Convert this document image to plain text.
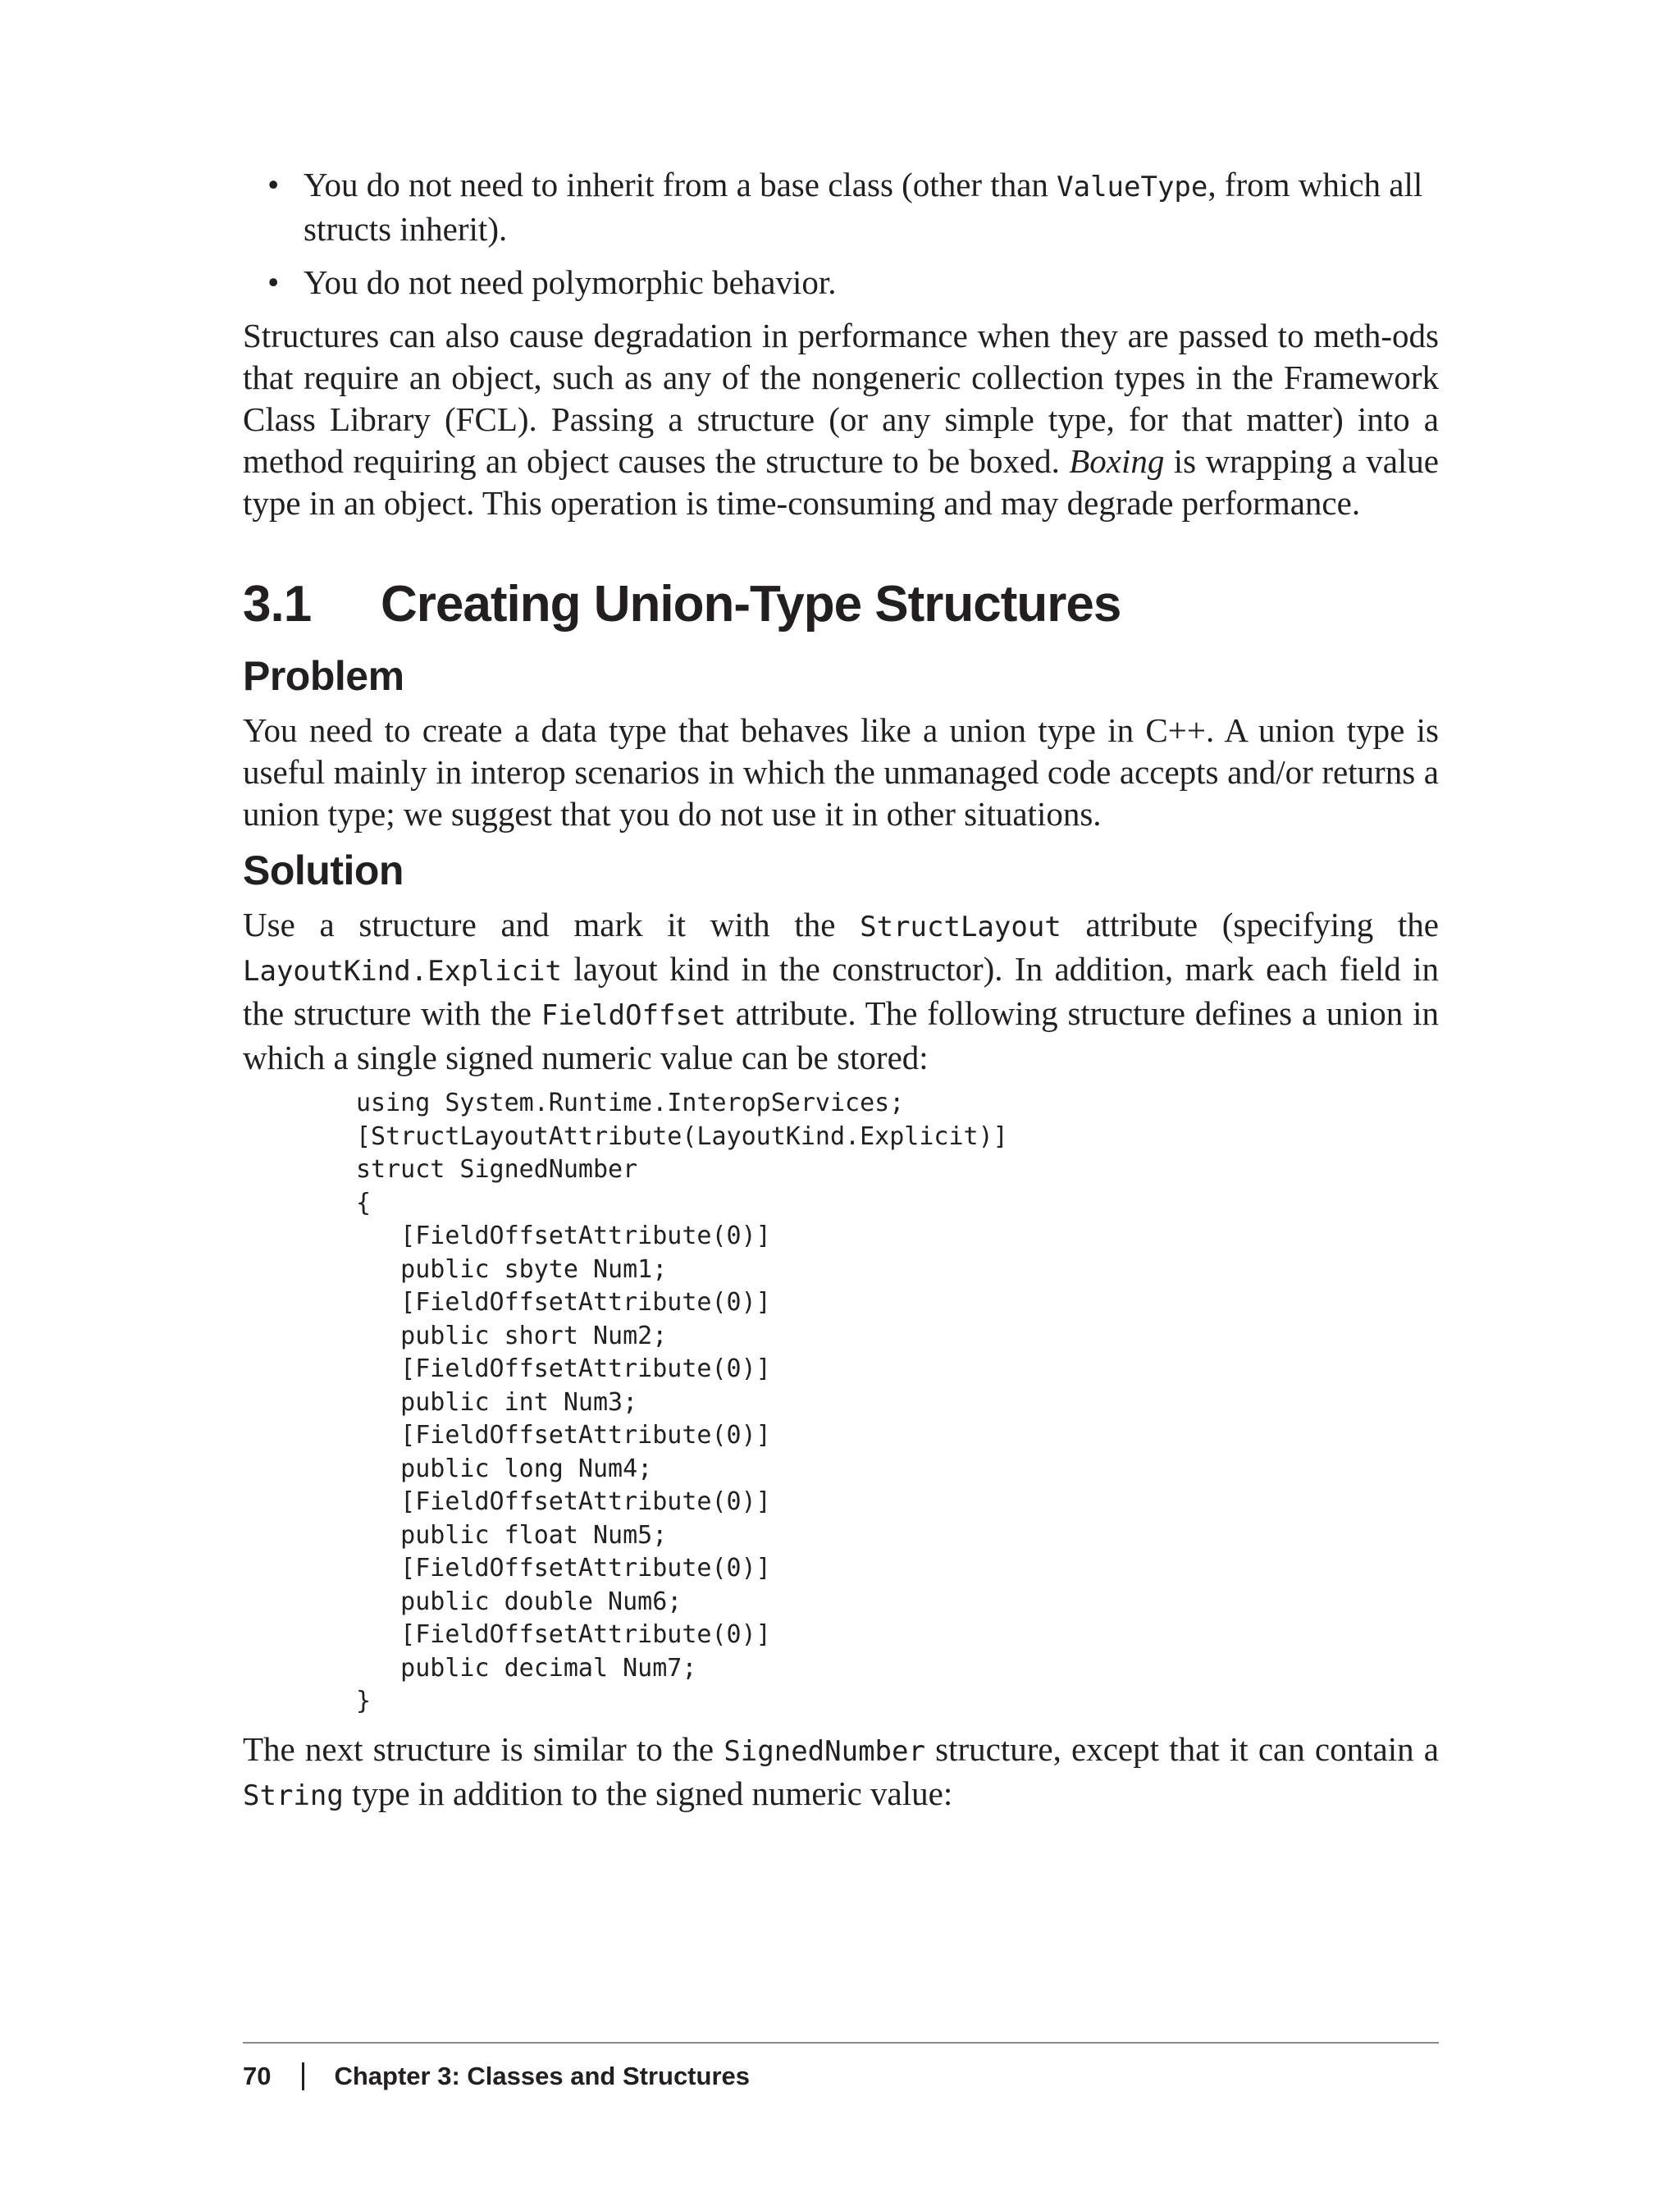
• You do not need to inherit from a base class (other than ValueType, from which all structs inherit).
• You do not need polymorphic behavior.

Structures can also cause degradation in performance when they are passed to meth-ods that require an object, such as any of the nongeneric collection types in the Framework Class Library (FCL). Passing a structure (or any simple type, for that matter) into a method requiring an object causes the structure to be boxed. Boxing is wrapping a value type in an object. This operation is time-consuming and may degrade performance.

3.1	Creating Union-Type Structures
Problem

You need to create a data type that behaves like a union type in C++. A union type is useful mainly in interop scenarios in which the unmanaged code accepts and/or returns a union type; we suggest that you do not use it in other situations.

Solution

Use a structure and mark it with the StructLayout attribute (specifying the LayoutKind.Explicit layout kind in the constructor). In addition, mark each field in the structure with the FieldOffset attribute. The following structure defines a union in which a single signed numeric value can be stored:

using System.Runtime.InteropServices;
[StructLayoutAttribute(LayoutKind.Explicit)]
struct SignedNumber
{
[FieldOffsetAttribute(0)]
public sbyte Num1;
[FieldOffsetAttribute(0)]
public short Num2;
[FieldOffsetAttribute(0)]
public int Num3;
[FieldOffsetAttribute(0)]
public long Num4;
[FieldOffsetAttribute(0)]
public float Num5;
[FieldOffsetAttribute(0)]
public double Num6;
[FieldOffsetAttribute(0)]
public decimal Num7;
}

The next structure is similar to the SignedNumber structure, except that it can contain a String type in addition to the signed numeric value:

70 Chapter 3: Classes and Structures
